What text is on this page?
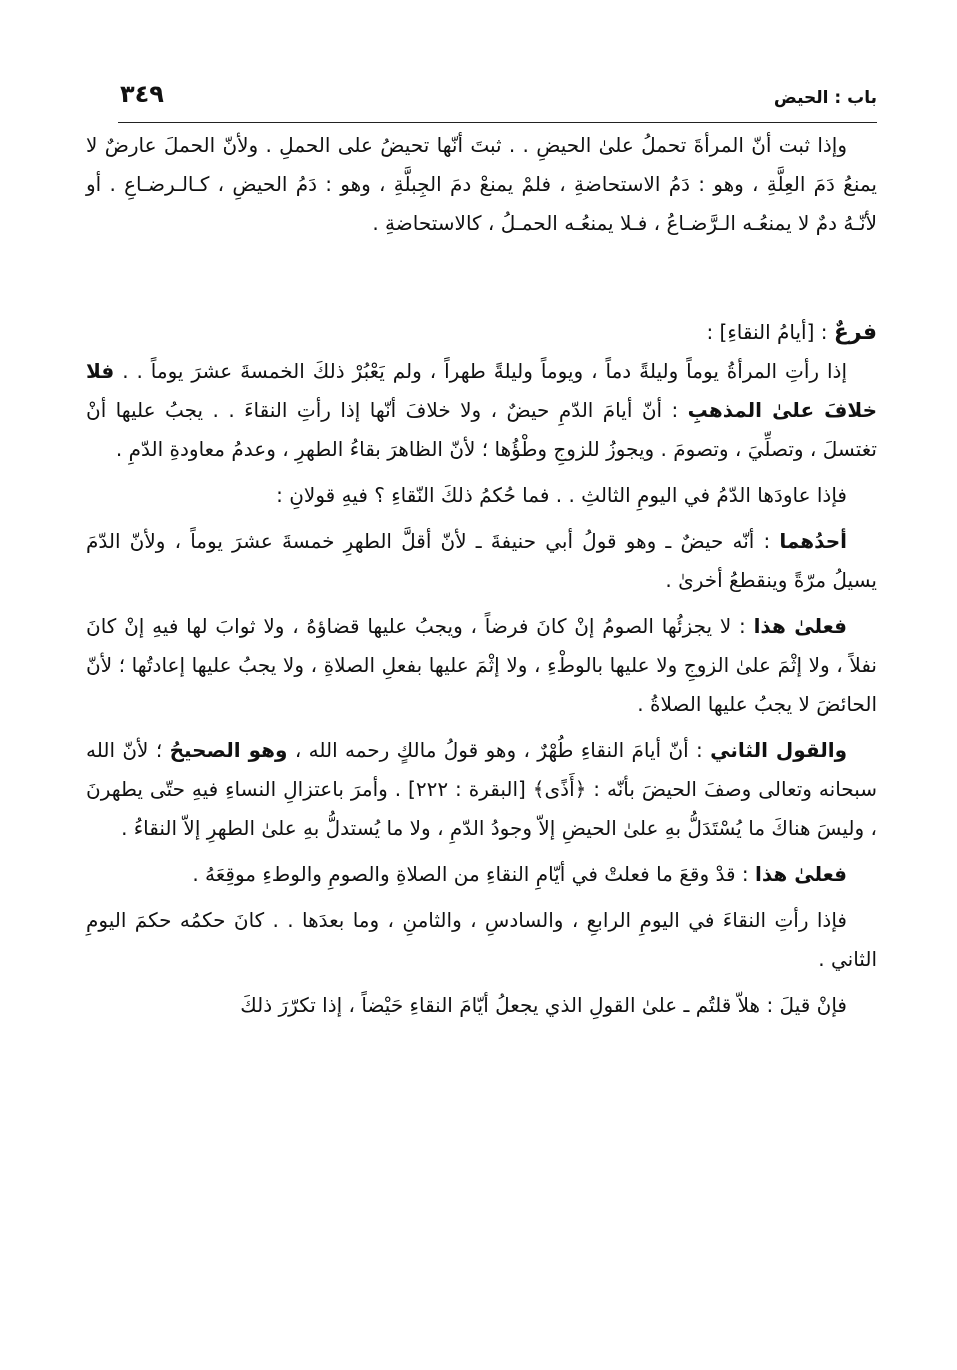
باب : الحيض
٣٤٩

وإذا ثبت أنّ المرأةَ تحملُ علىٰ الحيضِ . . ثبتَ أنّها تحيضُ على الحملِ . ولأنّ الحملَ عارضٌ لا يمنعُ دَمَ العِلَّةِ ، وهو : دَمُ الاستحاضةِ ، فلمْ يمنعْ دمَ الجِبلَّةِ ، وهو : دَمُ الحيضِ ، كـالـرضـاعِ . أو لأنّـهُ دمٌ لا يمنعُـه الـرَّضـاعُ ، فـلا يمنعُـه الحمـلُ ، كالاستحاضةِ .

فرعٌ : [أيامُ النقاءِ] :

إذا رأتِ المرأةُ يوماً وليلةً دماً ، ويوماً وليلةً طهراً ، ولم يَعْبُرْ ذلكَ الخمسةَ عشرَ يوماً . . فلا خلافَ علىٰ المذهبِ : أنّ أيامَ الدّمِ حيضٌ ، ولا خلافَ أنّها إذا رأتِ النقاءَ . . يجبُ عليها أنْ تغتسلَ ، وتصلِّيَ ، وتصومَ . ويجوزُ للزوجِ وطْؤُها ؛ لأنّ الظاهرَ بقاءُ الطهرِ ، وعدمُ معاودةِ الدّمِ .

فإذا عاودَها الدّمُ في اليومِ الثالثِ . . فما حُكمُ ذلكَ النّقاءِ ؟ فيهِ قولانِ :

أحدُهما : أنّه حيضٌ ـ وهو قولُ أبي حنيفةَ ـ لأنّ أقلَّ الطهرِ خمسةَ عشرَ يوماً ، ولأنّ الدّمَ يسيلُ مرّةً وينقطعُ أخرىٰ .

فعلىٰ هذا : لا يجزئُها الصومُ إنْ كانَ فرضاً ، ويجبُ عليها قضاؤهُ ، ولا ثوابَ لها فيهِ إنْ كانَ نفلاً ، ولا إثْمَ علىٰ الزوجِ ولا عليها بالوطْءِ ، ولا إثْمَ عليها بفعلِ الصلاةِ ، ولا يجبُ عليها إعادتُها ؛ لأنّ الحائضَ لا يجبُ عليها الصلاةُ .

والقول الثاني : أنّ أيامَ النقاءِ طُهْرٌ ، وهو قولُ مالكٍ رحمه الله ، وهو الصحيحُ ؛ لأنّ الله سبحانه وتعالى وصفَ الحيضَ بأنّه : ﴿أَذًى﴾ [البقرة : ٢٢٢] . وأمرَ باعتزالِ النساءِ فيهِ حتّى يطهرنَ ، وليسَ هناكَ ما يُسْتَدَلُّ بهِ علىٰ الحيضِ إلاّ وجودُ الدّمِ ، ولا ما يُستدلُّ بهِ علىٰ الطهرِ إلاّ النقاءُ .

فعلىٰ هذا : قدْ وقعَ ما فعلتْ في أيّامِ النقاءِ من الصلاةِ والصومِ والوطءِ موقِعَهُ .

فإذا رأتِ النقاءَ في اليومِ الرابعِ ، والسادسِ ، والثامنِ ، وما بعدَها . . كانَ حكمُه حكمَ اليومِ الثاني .

فإنْ قيلَ : هلاّ قلتُم ـ علىٰ القولِ الذي يجعلُ أيّامَ النقاءِ حَيْضاً ، إذا تكرّرَ ذلكَ
